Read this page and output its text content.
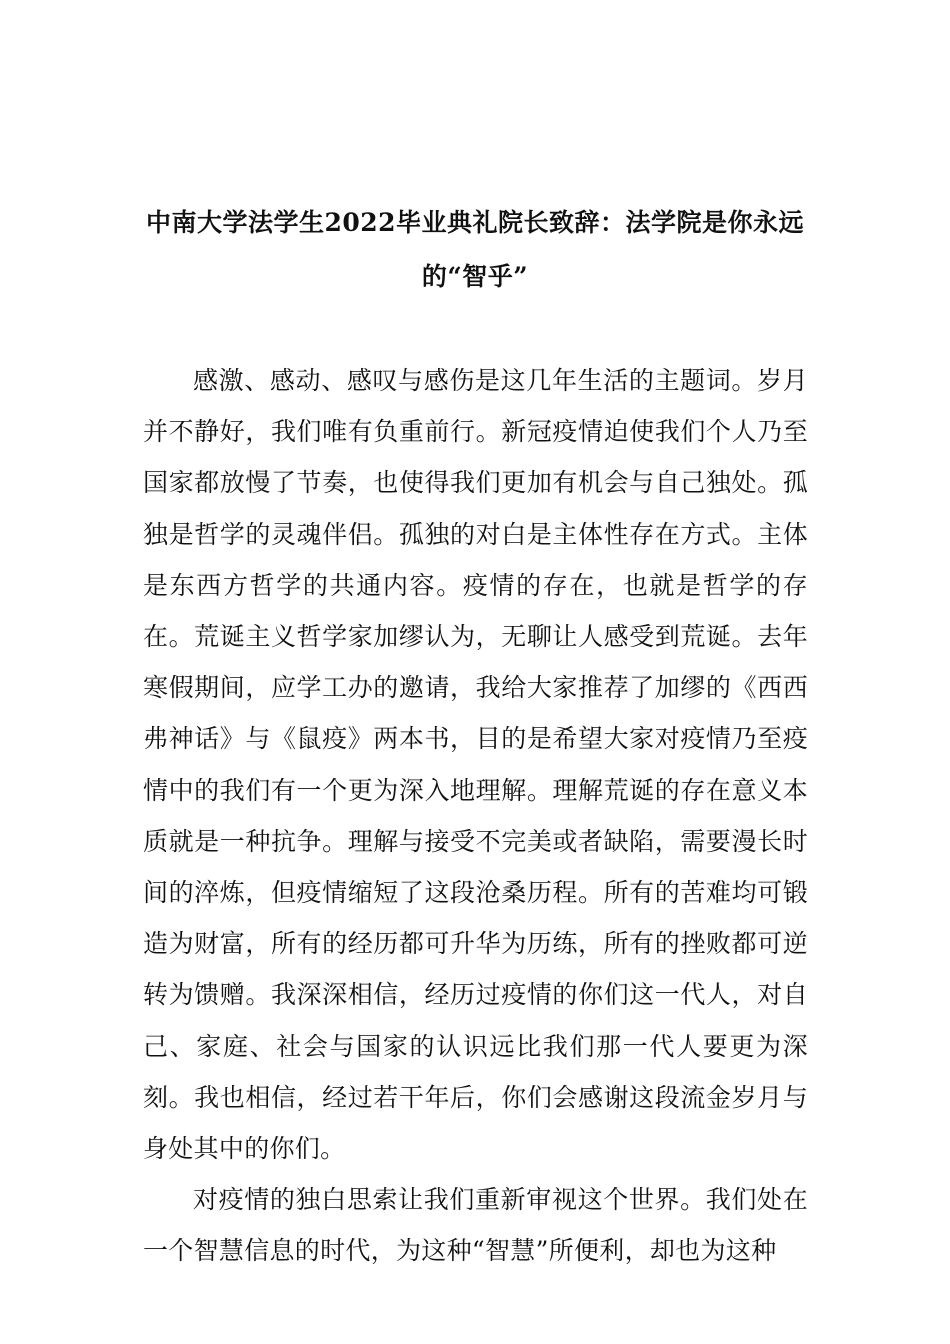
中南大学法学生2022毕业典礼院长致辞：法学院是你永远的“智乎”

感激、感动、感叹与感伤是这几年生活的主题词。岁月并不静好，我们唯有负重前行。新冠疫情迫使我们个人乃至国家都放慢了节奏，也使得我们更加有机会与自己独处。孤独是哲学的灵魂伴侣。孤独的对白是主体性存在方式。主体是东西方哲学的共通内容。疫情的存在，也就是哲学的存在。荒诞主义哲学家加缪认为，无聊让人感受到荒诞。去年寒假期间，应学工办的邀请，我给大家推荐了加缪的《西西弗神话》与《鼠疫》两本书，目的是希望大家对疫情乃至疫情中的我们有一个更为深入地理解。理解荒诞的存在意义本质就是一种抗争。理解与接受不完美或者缺陷，需要漫长时间的淬炼，但疫情缩短了这段沧桑历程。所有的苦难均可锻造为财富，所有的经历都可升华为历练，所有的挫败都可逆转为馈赠。我深深相信，经历过疫情的你们这一代人，对自己、家庭、社会与国家的认识远比我们那一代人要更为深刻。我也相信，经过若干年后，你们会感谢这段流金岁月与身处其中的你们。

对疫情的独白思索让我们重新审视这个世界。我们处在一个智慧信息的时代，为这种“智慧”所便利，却也为这种
